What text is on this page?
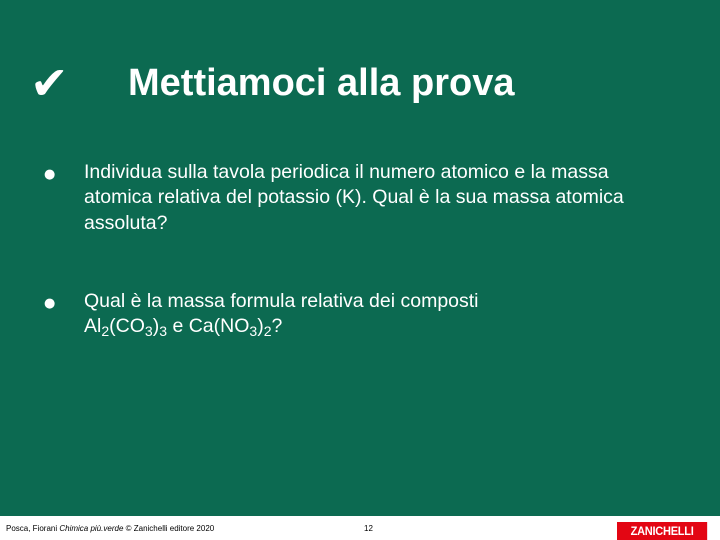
✔ Mettiamoci alla prova
● Individua sulla tavola periodica il numero atomico e la massa atomica relativa del potassio (K). Qual è la sua massa atomica assoluta?
● Qual è la massa formula relativa dei composti
$Al_2(CO_3)_3$ e $Ca(NO_3)_2$?
Posca, Fiorani Chimica più.verde © Zanichelli editore 2020	12	ZANICHELLI
